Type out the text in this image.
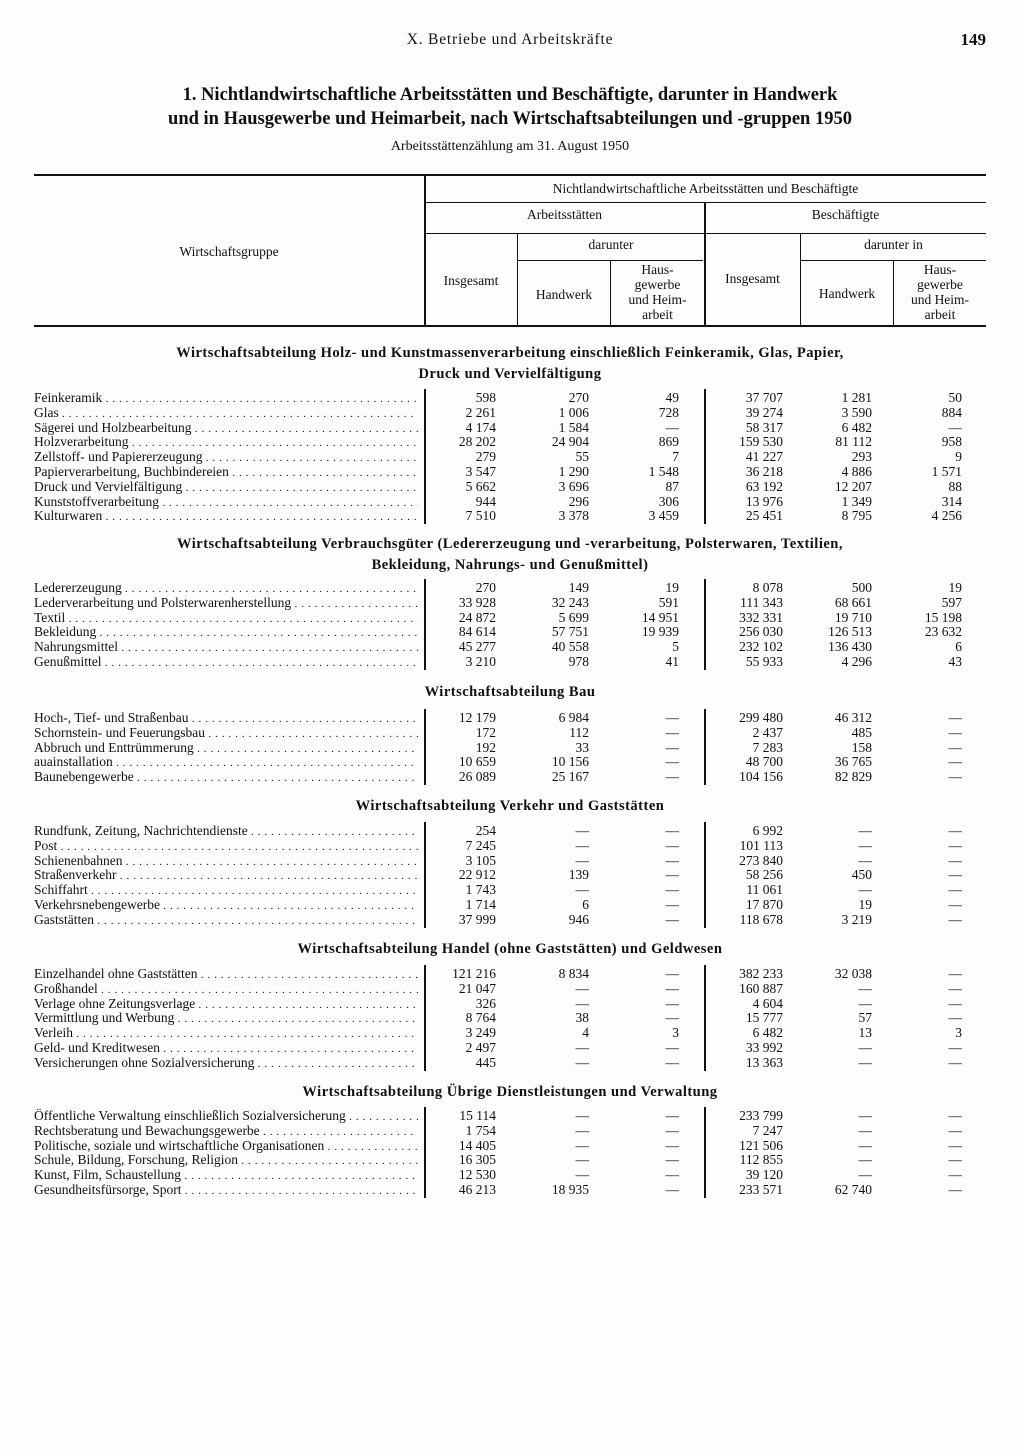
X. Betriebe und Arbeitskräfte	149
1. Nichtlandwirtschaftliche Arbeitsstätten und Beschäftigte, darunter in Handwerk
und in Hausgewerbe und Heimarbeit, nach Wirtschaftsabteilungen und -gruppen 1950
Arbeitsstättenzählung am 31. August 1950
Wirtschaftsgruppe
Nichtlandwirtschaftliche Arbeitsstätten und Beschäftigte
Arbeitsstätten	Beschäftigte
darunter	darunter in
Insgesamt	Insgesamt
Handwerk	Handwerk
Haus-
gewerbe
und Heim-
arbeit
Haus-
gewerbe
und Heim-
arbeit
Wirtschaftsabteilung Holz- und Kunstmassenverarbeitung einschließlich Feinkeramik, Glas, Papier,
Druck und Vervielfältigung
Feinkeramik . . .	598	270	49	37 707	1 281	50
Glas . . .	2 261	1 006	728	39 274	3 590	884
Sägerei und Holzbearbeitung . . .	4 174	1 584	—	58 317	6 482	—
Holzverarbeitung . . .	28 202	24 904	869	159 530	81 112	958
Zellstoff- und Papiererzeugung . . .	279	55	7	41 227	293	9
Papierverarbeitung, Buchbindereien . . .	3 547	1 290	1 548	36 218	4 886	1 571
Druck und Vervielfältigung . . .	5 662	3 696	87	63 192	12 207	88
Kunststoffverarbeitung . . .	944	296	306	13 976	1 349	314
Kulturwaren . . .	7 510	3 378	3 459	25 451	8 795	4 256
Wirtschaftsabteilung Verbrauchsgüter (Ledererzeugung und -verarbeitung, Polsterwaren, Textilien,
Bekleidung, Nahrungs- und Genußmittel)
Ledererzeugung . . .	270	149	19	8 078	500	19
Lederverarbeitung und Polsterwarenherstellung . . .	33 928	32 243	591	111 343	68 661	597
Textil . . .	24 872	5 699	14 951	332 331	19 710	15 198
Bekleidung . . .	84 614	57 751	19 939	256 030	126 513	23 632
Nahrungsmittel . . .	45 277	40 558	5	232 102	136 430	6
Genußmittel . . .	3 210	978	41	55 933	4 296	43
Wirtschaftsabteilung Bau
Hoch-, Tief- und Straßenbau . . .	12 179	6 984	—	299 480	46 312	—
Schornstein- und Feuerungsbau . . .	172	112	—	2 437	485	—
Abbruch und Enttrümmerung . . .	192	33	—	7 283	158	—
auainstallation . . .	10 659	10 156	—	48 700	36 765	—
Baunebengewerbe . . .	26 089	25 167	—	104 156	82 829	—
Wirtschaftsabteilung Verkehr und Gaststätten
Rundfunk, Zeitung, Nachrichtendienste . . .	254	—	—	6 992	—	—
Post . . .	7 245	—	—	101 113	—	—
Schienenbahnen . . .	3 105	—	—	273 840	—	—
Straßenverkehr . . .	22 912	139	—	58 256	450	—
Schiffahrt . . .	1 743	—	—	11 061	—	—
Verkehrsnebengewerbe . . .	1 714	6	—	17 870	19	—
Gaststätten . . .	37 999	946	—	118 678	3 219	—
Wirtschaftsabteilung Handel (ohne Gaststätten) und Geldwesen
Einzelhandel ohne Gaststätten . . .	121 216	8 834	—	382 233	32 038	—
Großhandel . . .	21 047	—	—	160 887	—	—
Verlage ohne Zeitungsverlage . . .	326	—	—	4 604	—	—
Vermittlung und Werbung . . .	8 764	38	—	15 777	57	—
Verleih . . .	3 249	4	3	6 482	13	3
Geld- und Kreditwesen . . .	2 497	—	—	33 992	—	—
Versicherungen ohne Sozialversicherung . . .	445	—	—	13 363	—	—
Wirtschaftsabteilung Übrige Dienstleistungen und Verwaltung
Öffentliche Verwaltung einschließlich Sozialversicherung . . .	15 114	—	—	233 799	—	—
Rechtsberatung und Bewachungsgewerbe . . .	1 754	—	—	7 247	—	—
Politische, soziale und wirtschaftliche Organisationen . . .	14 405	—	—	121 506	—	—
Schule, Bildung, Forschung, Religion . . .	16 305	—	—	112 855	—	—
Kunst, Film, Schaustellung . . .	12 530	—	—	39 120	—	—
Gesundheitsfürsorge, Sport . . .	46 213	18 935	—	233 571	62 740	—
